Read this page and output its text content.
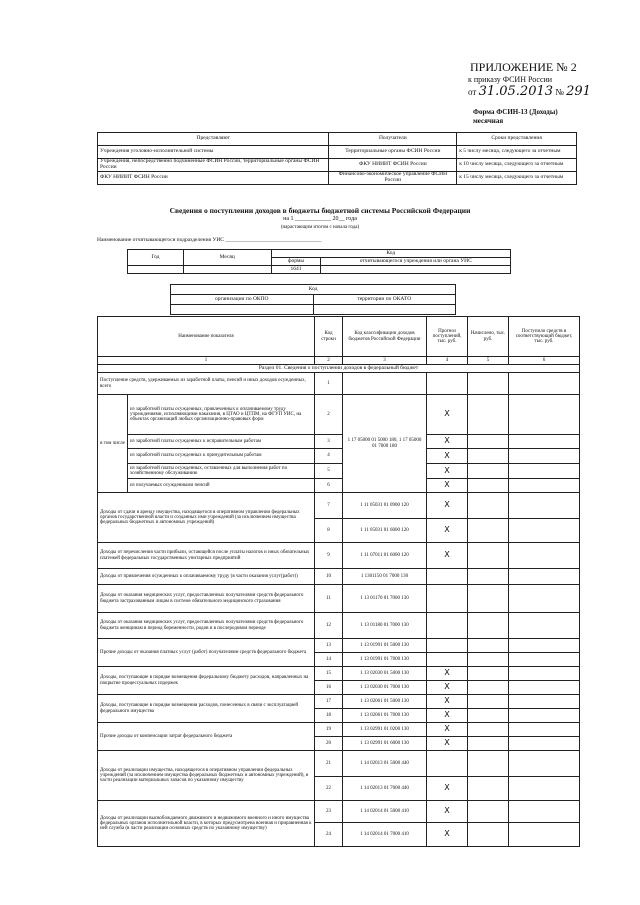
ПРИЛОЖЕНИЕ № 2
к приказу ФСИН России
от 31.05.2013 № 291
Форма ФСИН-13 (Доходы)
месячная
Представляют	Получатели	Сроки представления
Учреждения уголовно-исполнительной системы	Территориальные органы ФСИН России	к 5 числу месяца, следующего за отчетным
Учреждения, непосредственно подчиненные ФСИН России, территориальные органы ФСИН России	ФКУ НИИИТ ФСИН России	к 10 числу месяца, следующего за отчетным
ФКУ НИИИТ ФСИН России	Финансово-экономическое управление ФСИН России	к 15 числу месяца, следующего за отчетным
Сведения о поступлении доходов в бюджеты бюджетной системы Российской Федерации
на 1 ____________ 20__ года
(нарастающим итогом с начала года)
Наименование отчитывающегося подразделения УИС ___________________________________
Год	Месяц	Код	
		формы	отчитывающегося учреждения или органа УИС
		1641	
Код	
организации по ОКПО	территории по ОКАТО

Наименование показателя		Код строки	Код классификации доходов бюджетов Российской Федерации	Прогноз поступлений, тыс. руб.	Начислено, тыс. руб.	Поступило средств в соответствующий бюджет, тыс. руб.
1		2	3	4	5	6
Раздел 01. Сведения о поступлении доходов в федеральный бюджет						
Поступление средств, удерживаемых из заработной платы, пенсий и иных доходов осужденных, всего		1				
в том числе	из заработной платы осужденных, привлеченных к оплачиваемому труду учреждениями, исполняющими наказания, в ЦТАО и ЦТПМ, на ФГУП УИС, на объектах организаций любых организационно-правовых форм	2	1 17 05000 01 5000 180, 1 17 05000 01 7000 180	X		
	из заработной платы осужденных к исправительным работам	3		X		
	из заработной платы осужденных к принудительным работам	4		X		
	из заработной платы осужденных, оставленных для выполнения работ по хозяйственному обслуживанию	5		X		
	из получаемых осужденными пенсий	6		X		
Доходы от сдачи в аренду имущества, находящегося в оперативном управлении федеральных органов государственной власти и созданных ими учреждений (за исключением имущества федеральных бюджетных и автономных учреждений)		7	1 11 05031 01 0900 120	X		
		8	1 11 05031 01 6000 120	X		
Доходы от перечисления части прибыли, остающейся после уплаты налогов и иных обязательных платежей федеральных государственных унитарных предприятий		9	1 11 07011 01 6000 120	X		
Доходы от привлечения осужденных к оплачиваемому труду (в части оказания услуг(работ))		10	1 1301150 01 7000 130			
Доходы от оказания медицинских услуг, предоставленных получателями средств федерального бюджета застрахованным лицам в системе обязательного медицинского страхования		11	1 13 01170 01 7000 130			
Доходы от оказания медицинских услуг, предоставленных получателями средств федерального бюджета женщинам в период беременности, родов и в послеродовом периоде		12	1 13 01180 01 7000 130			
Прочие доходы от оказания платных услуг (работ) получателями средств федерального бюджета		13	1 13 01991 01 5000 130			
		14	1 13 01991 01 7000 130			
Доходы, поступающие в порядке возмещения федеральному бюджету расходов, направленных на покрытие процессуальных издержек		15	1 13 02030 01 5000 130	X		
		16	1 13 02030 01 7000 130	X		
Доходы, поступающие в порядке возмещения расходов, понесенных в связи с эксплуатацией федерального имущества		17	1 13 02061 01 5000 130	X		
		18	1 13 02061 01 7000 130	X		
Прочие доходы от компенсации затрат федерального бюджета		19	1 13 02991 01 0200 130	X		
		20	1 13 02991 01 6000 130	X		
Доходы от реализации имущества, находящегося в оперативном управлении федеральных учреждений (за исключением имущества федеральных бюджетных и автономных учреждений), в части реализации материальных запасов по указанному имуществу		21	1 14 02013 01 5000 440			
		22	1 14 02013 01 7000 440	X		
Доходы от реализации высвобождаемого движимого и недвижимого военного и иного имущества федеральных органов исполнительной власти, в которых предусмотрена военная и приравненная к ней служба (в части реализации основных средств по указанному имуществу)		23	1 14 02014 01 5000 410	X		
		24	1 14 02014 01 7000 410	X		
